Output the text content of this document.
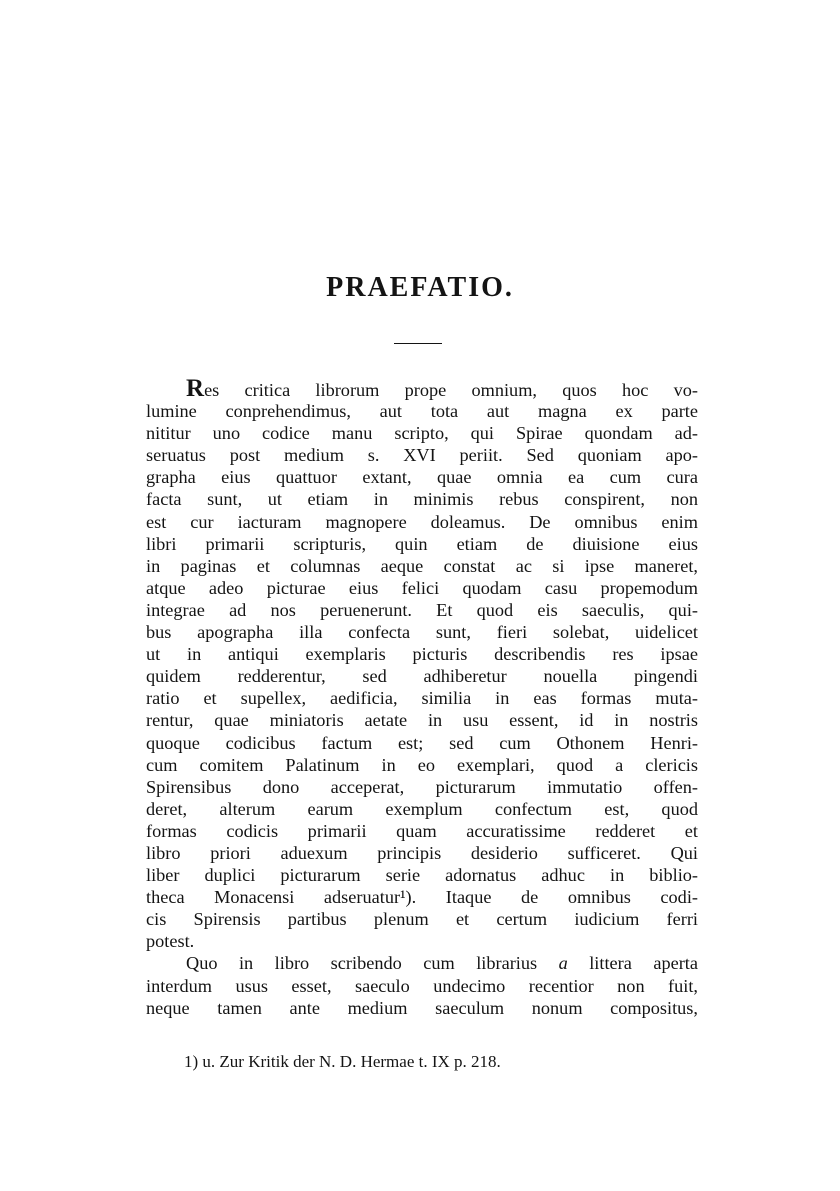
PRAEFATIO.
Res critica librorum prope omnium, quos hoc vo-
lumine conprehendimus, aut tota aut magna ex parte
nititur uno codice manu scripto, qui Spirae quondam ad-
seruatus post medium s. XVI periit. Sed quoniam apo-
grapha eius quattuor extant, quae omnia ea cum cura
facta sunt, ut etiam in minimis rebus conspirent, non
est cur iacturam magnopere doleamus. De omnibus enim
libri primarii scripturis, quin etiam de diuisione eius
in paginas et columnas aeque constat ac si ipse maneret,
atque adeo picturae eius felici quodam casu propemodum
integrae ad nos peruenerunt. Et quod eis saeculis, qui-
bus apographa illa confecta sunt, fieri solebat, uidelicet
ut in antiqui exemplaris picturis describendis res ipsae
quidem redderentur, sed adhiberetur nouella pingendi
ratio et supellex, aedificia, similia in eas formas muta-
rentur, quae miniatoris aetate in usu essent, id in nostris
quoque codicibus factum est; sed cum Othonem Henri-
cum comitem Palatinum in eo exemplari, quod a clericis
Spirensibus dono acceperat, picturarum immutatio offen-
deret, alterum earum exemplum confectum est, quod
formas codicis primarii quam accuratissime redderet et
libro priori aduexum principis desiderio sufficeret. Qui
liber duplici picturarum serie adornatus adhuc in biblio-
theca Monacensi adseruatur¹). Itaque de omnibus codi-
cis Spirensis partibus plenum et certum iudicium ferri
potest.
Quo in libro scribendo cum librarius a littera aperta
interdum usus esset, saeculo undecimo recentior non fuit,
neque tamen ante medium saeculum nonum compositus,
1) u. Zur Kritik der N. D. Hermae t. IX p. 218.
